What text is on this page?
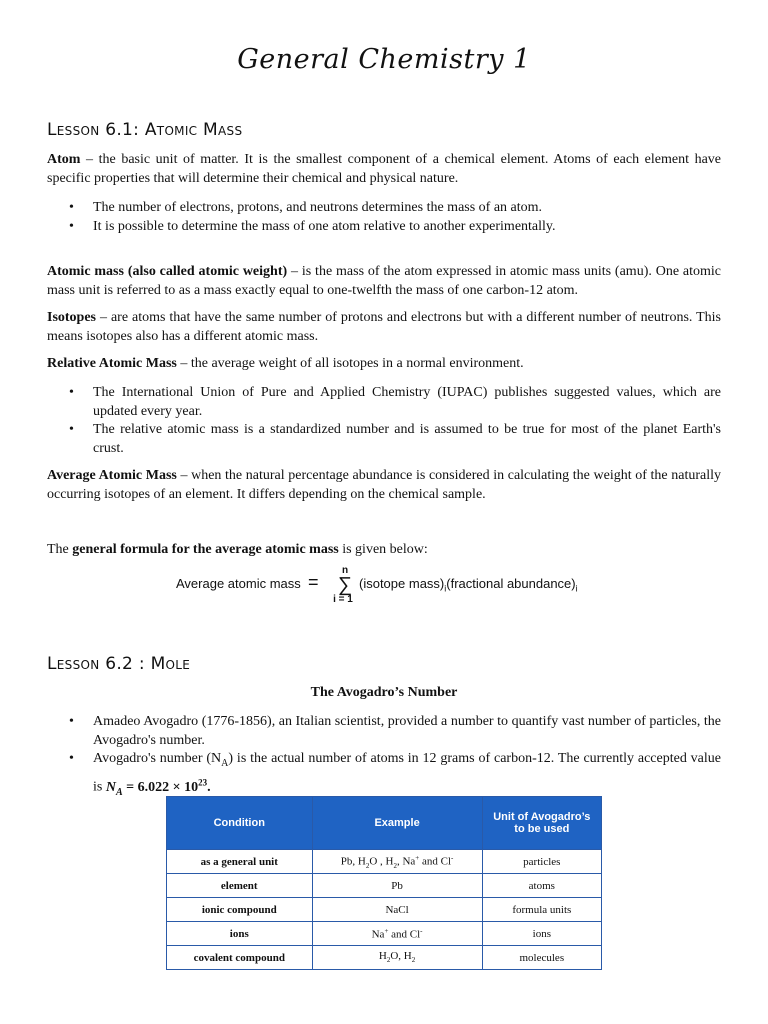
General Chemistry 1
Lesson 6.1: Atomic Mass
Atom – the basic unit of matter. It is the smallest component of a chemical element. Atoms of each element have specific properties that will determine their chemical and physical nature.
• The number of electrons, protons, and neutrons determines the mass of an atom.
• It is possible to determine the mass of one atom relative to another experimentally.
Atomic mass (also called atomic weight) – is the mass of the atom expressed in atomic mass units (amu). One atomic mass unit is referred to as a mass exactly equal to one-twelfth the mass of one carbon-12 atom.
Isotopes – are atoms that have the same number of protons and electrons but with a different number of neutrons. This means isotopes also has a different atomic mass.
Relative Atomic Mass – the average weight of all isotopes in a normal environment.
• The International Union of Pure and Applied Chemistry (IUPAC) publishes suggested values, which are updated every year.
• The relative atomic mass is a standardized number and is assumed to be true for most of the planet Earth's crust.
Average Atomic Mass – when the natural percentage abundance is considered in calculating the weight of the naturally occurring isotopes of an element. It differs depending on the chemical sample.
The general formula for the average atomic mass is given below:
Average atomic mass =
n
∑
i = 1
(isotope $mass)_i(fractional$ $abundance)_i$
Lesson 6.2 : Mole
The Avogadro’s Number
• Amadeo Avogadro (1776-1856), an Italian scientist, provided a number to quantify vast number of particles, the Avogadro's number.
• Avogadro's number $(N_A)$ is the actual number of atoms in 12 grams of carbon-12. The currently accepted value is $N_A = 6.022 \times 10^{23}$.
Condition	Example	Unit of Avogadro’s to be used
as a general unit	Pb, $H_2O$ , $H_2$, Na+ and Cl-	particles
element	Pb	atoms
ionic compound	NaCl	formula units
ions	Na+ and Cl-	ions
covalent compound	$H_2O$, $H_2$	molecules
